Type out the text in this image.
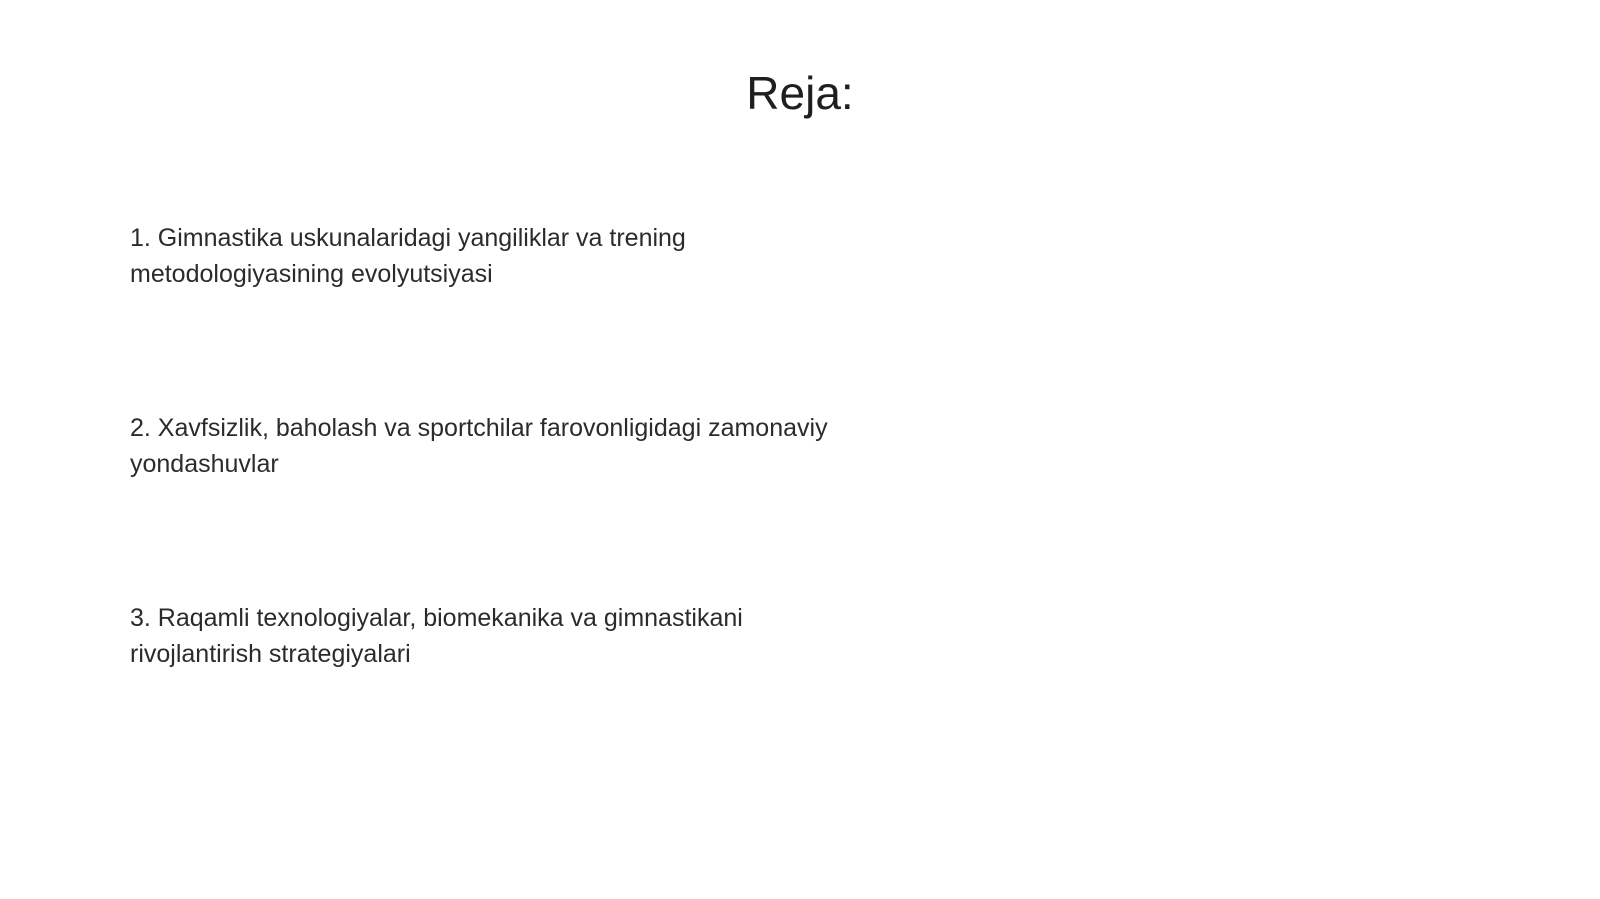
Reja:
1. Gimnastika uskunalaridagi yangiliklar va trening metodologiyasining evolyutsiyasi
2. Xavfsizlik, baholash va sportchilar farovonligidagi zamonaviy yondashuvlar
3. Raqamli texnologiyalar, biomekanika va gimnastikani rivojlantirish strategiyalari
